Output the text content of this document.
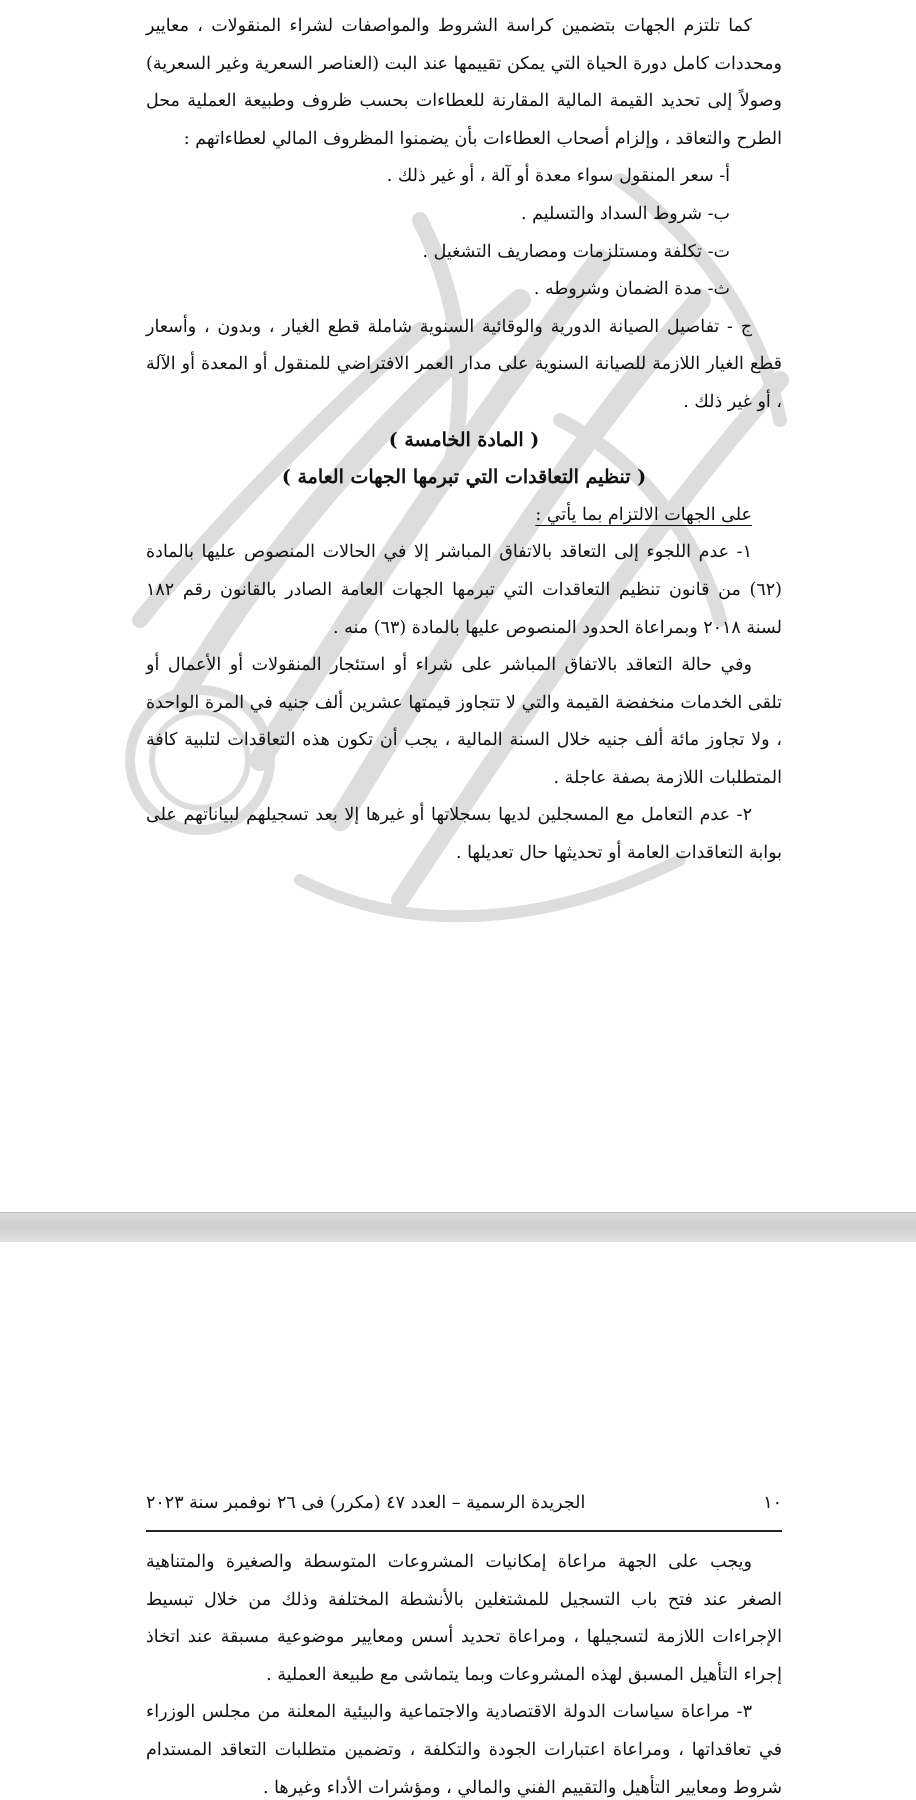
كما تلتزم الجهات بتضمين كراسة الشروط والمواصفات لشراء المنقولات ، معايير ومحددات كامل دورة الحياة التي يمكن تقييمها عند البت (العناصر السعرية وغير السعرية) وصولاً إلى تحديد القيمة المالية المقارنة للعطاءات بحسب ظروف وطبيعة العملية محل الطرح والتعاقد ، وإلزام أصحاب العطاءات بأن يضمنوا المظروف المالي لعطاءاتهم :

أ- سعر المنقول سواء معدة أو آلة ، أو غير ذلك .

ب- شروط السداد والتسليم .

ت- تكلفة ومستلزمات ومصاريف التشغيل .

ث- مدة الضمان وشروطه .

ج - تفاصيل الصيانة الدورية والوقائية السنوية شاملة قطع الغيار ، وبدون ، وأسعار قطع الغيار اللازمة للصيانة السنوية على مدار العمر الافتراضي للمنقول أو المعدة أو الآلة ، أو غير ذلك .

( المادة الخامسة )

( تنظيم التعاقدات التي تبرمها الجهات العامة )

على الجهات الالتزام بما يأتي :

١- عدم اللجوء إلى التعاقد بالاتفاق المباشر إلا في الحالات المنصوص عليها بالمادة (٦٢) من قانون تنظيم التعاقدات التي تبرمها الجهات العامة الصادر بالقانون رقم ١٨٢ لسنة ٢٠١٨ وبمراعاة الحدود المنصوص عليها بالمادة (٦٣) منه .

وفي حالة التعاقد بالاتفاق المباشر على شراء أو استئجار المنقولات أو الأعمال أو تلقى الخدمات منخفضة القيمة والتي لا تتجاوز قيمتها عشرين ألف جنيه في المرة الواحدة ، ولا تجاوز مائة ألف جنيه خلال السنة المالية ، يجب أن تكون هذه التعاقدات لتلبية كافة المتطلبات اللازمة بصفة عاجلة .

٢- عدم التعامل مع المسجلين لديها بسجلاتها أو غيرها إلا بعد تسجيلهم لبياناتهم على بوابة التعاقدات العامة أو تحديثها حال تعديلها .

١٠
الجريدة الرسمية – العدد ٤٧ (مكرر) فى ٢٦ نوفمبر سنة ٢٠٢٣

ويجب على الجهة مراعاة إمكانيات المشروعات المتوسطة والصغيرة والمتناهية الصغر عند فتح باب التسجيل للمشتغلين بالأنشطة المختلفة وذلك من خلال تبسيط الإجراءات اللازمة لتسجيلها ، ومراعاة تحديد أسس ومعايير موضوعية مسبقة عند اتخاذ إجراء التأهيل المسبق لهذه المشروعات وبما يتماشى مع طبيعة العملية .

٣- مراعاة سياسات الدولة الاقتصادية والاجتماعية والبيئية المعلنة من مجلس الوزراء في تعاقداتها ، ومراعاة اعتبارات الجودة والتكلفة ، وتضمين متطلبات التعاقد المستدام شروط ومعايير التأهيل والتقييم الفني والمالي ، ومؤشرات الأداء وغيرها .
